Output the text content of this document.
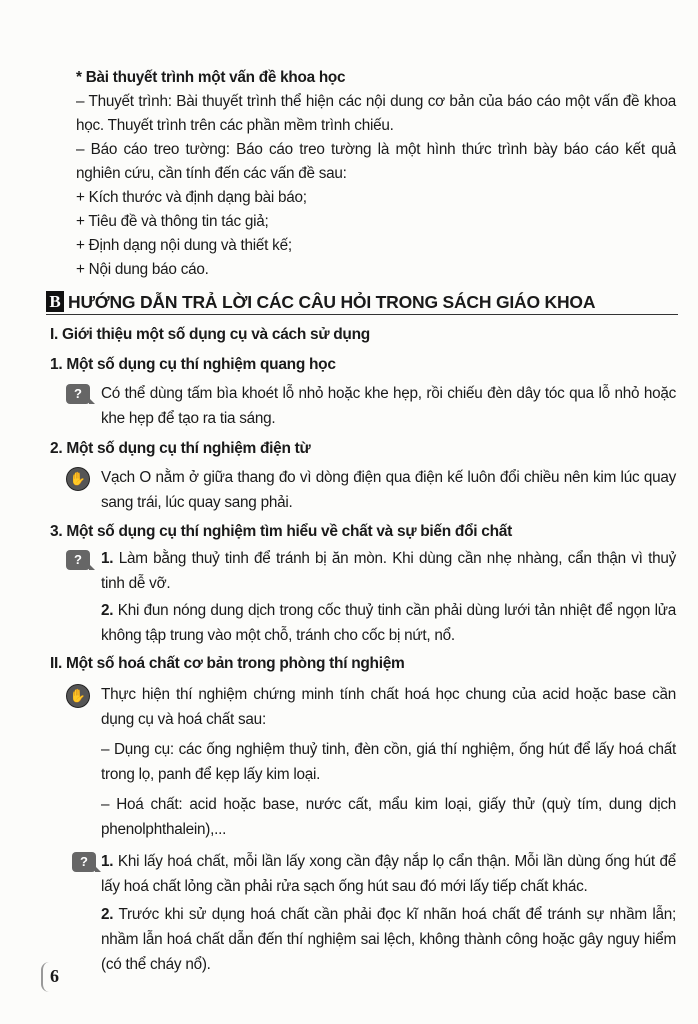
* Bài thuyết trình một vấn đề khoa học
– Thuyết trình: Bài thuyết trình thể hiện các nội dung cơ bản của báo cáo một vấn đề khoa học. Thuyết trình trên các phần mềm trình chiếu.
– Báo cáo treo tường: Báo cáo treo tường là một hình thức trình bày báo cáo kết quả nghiên cứu, cần tính đến các vấn đề sau:
+ Kích thước và định dạng bài báo;
+ Tiêu đề và thông tin tác giả;
+ Định dạng nội dung và thiết kế;
+ Nội dung báo cáo.
B HƯỚNG DẪN TRẢ LỜI CÁC CÂU HỎI TRONG SÁCH GIÁO KHOA
I. Giới thiệu một số dụng cụ và cách sử dụng
1. Một số dụng cụ thí nghiệm quang học
?	Có thể dùng tấm bìa khoét lỗ nhỏ hoặc khe hẹp, rồi chiếu đèn dây tóc qua lỗ nhỏ hoặc khe hẹp để tạo ra tia sáng.
2. Một số dụng cụ thí nghiệm điện từ
✋ Vạch O nằm ở giữa thang đo vì dòng điện qua điện kế luôn đổi chiều nên kim lúc quay sang trái, lúc quay sang phải.
3. Một số dụng cụ thí nghiệm tìm hiểu về chất và sự biến đổi chất
?	1. Làm bằng thuỷ tinh để tránh bị ăn mòn. Khi dùng cần nhẹ nhàng, cẩn thận vì thuỷ tinh dễ vỡ.
2. Khi đun nóng dung dịch trong cốc thuỷ tinh cần phải dùng lưới tản nhiệt để ngọn lửa không tập trung vào một chỗ, tránh cho cốc bị nứt, nổ.
II. Một số hoá chất cơ bản trong phòng thí nghiệm
✋ Thực hiện thí nghiệm chứng minh tính chất hoá học chung của acid hoặc base cần dụng cụ và hoá chất sau:
– Dụng cụ: các ống nghiệm thuỷ tinh, đèn cồn, giá thí nghiệm, ống hút để lấy hoá chất trong lọ, panh để kẹp lấy kim loại.
– Hoá chất: acid hoặc base, nước cất, mẩu kim loại, giấy thử (quỳ tím, dung dịch phenolphthalein),...
? 1. Khi lấy hoá chất, mỗi lần lấy xong cần đậy nắp lọ cẩn thận. Mỗi lần dùng ống hút để lấy hoá chất lỏng cần phải rửa sạch ống hút sau đó mới lấy tiếp chất khác.
2. Trước khi sử dụng hoá chất cần phải đọc kĩ nhãn hoá chất để tránh sự nhầm lẫn; nhầm lẫn hoá chất dẫn đến thí nghiệm sai lệch, không thành công hoặc gây nguy hiểm (có thể cháy nổ).
6
